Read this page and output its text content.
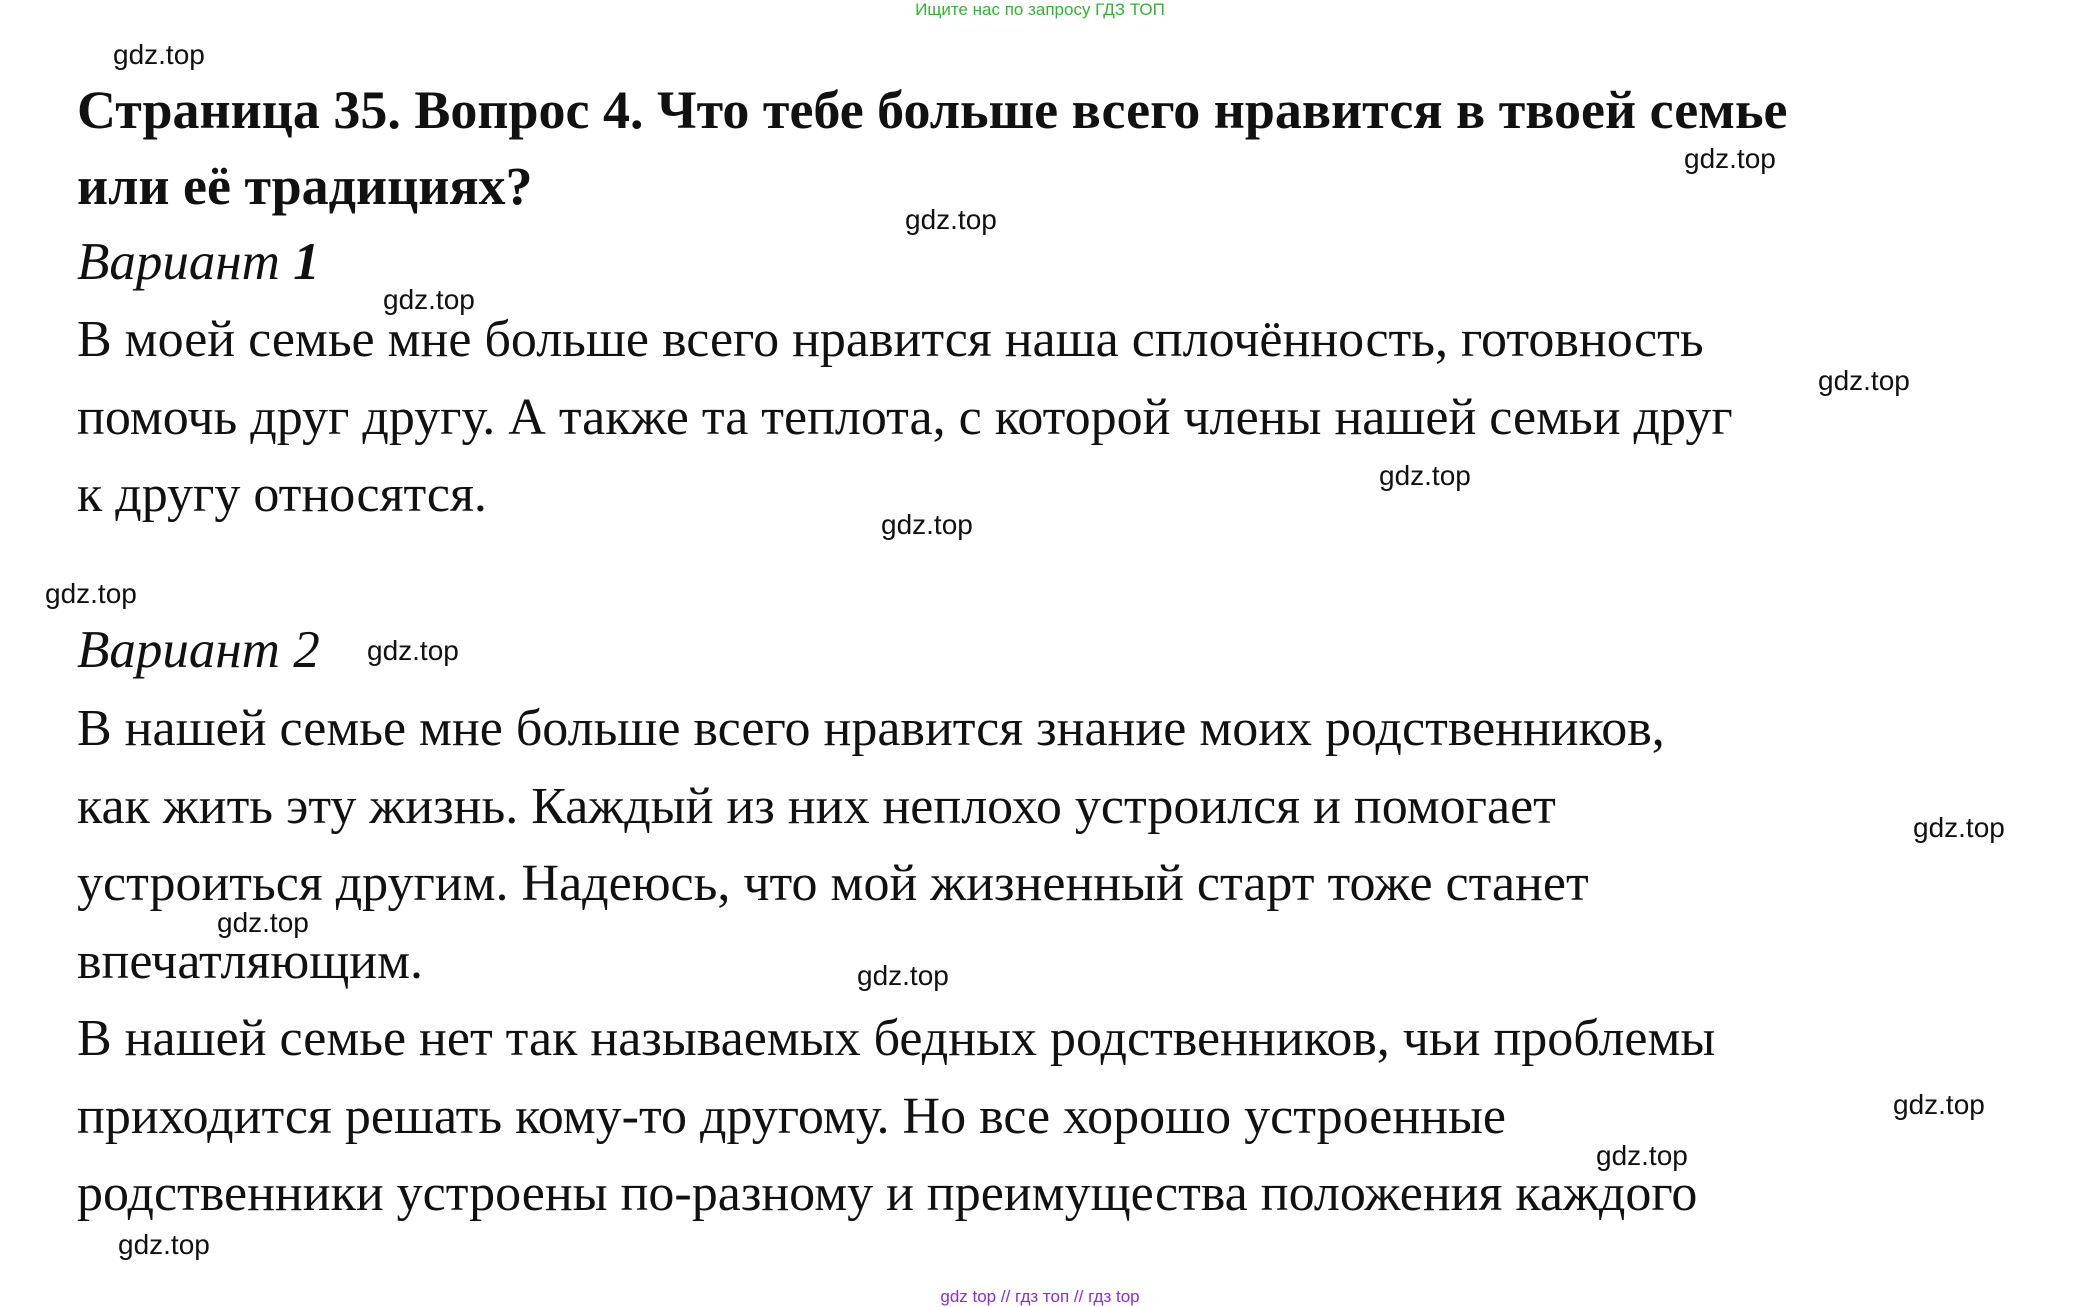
Ищите нас по запросу ГДЗ ТОП
Страница 35. Вопрос 4. Что тебе больше всего нравится в твоей семье
или её традициях?
Вариант 1
В моей семье мне больше всего нравится наша сплочённость, готовность
помочь друг другу. А также та теплота, с которой члены нашей семьи друг
к другу относятся.
Вариант 2
В нашей семье мне больше всего нравится знание моих родственников,
как жить эту жизнь. Каждый из них неплохо устроился и помогает
устроиться другим. Надеюсь, что мой жизненный старт тоже станет
впечатляющим.
В нашей семье нет так называемых бедных родственников, чьи проблемы
приходится решать кому-то другому. Но все хорошо устроенные
родственники устроены по-разному и преимущества положения каждого
gdz.top
gdz.top
gdz.top
gdz.top
gdz.top
gdz.top
gdz.top
gdz.top
gdz.top
gdz.top
gdz.top
gdz.top
gdz.top
gdz.top
gdz.top
gdz top // гдз топ // гдз top
